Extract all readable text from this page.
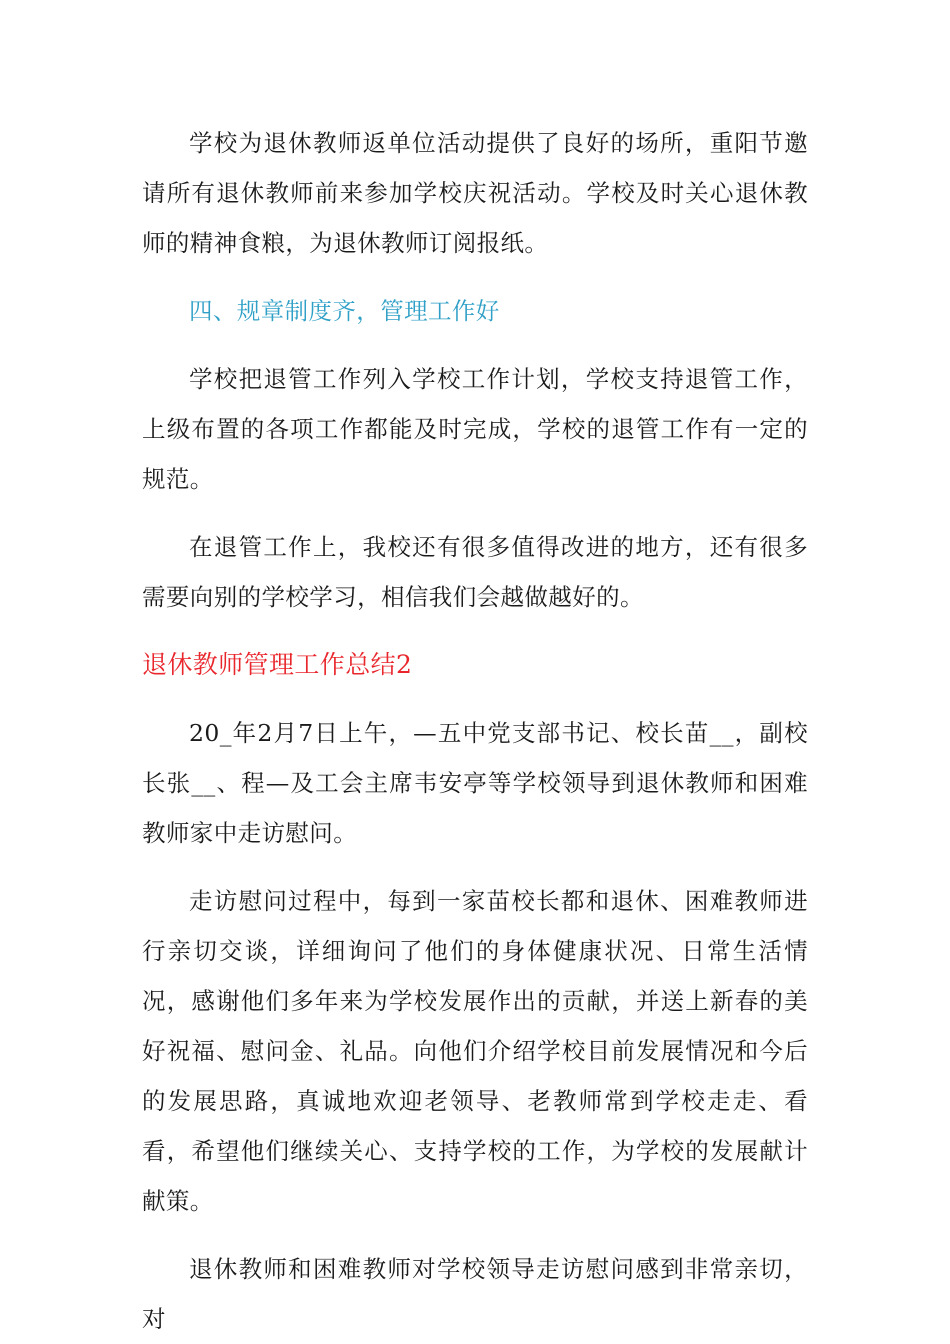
学校为退休教师返单位活动提供了良好的场所，重阳节邀请所有退休教师前来参加学校庆祝活动。学校及时关心退休教师的精神食粮，为退休教师订阅报纸。

四、规章制度齐，管理工作好

学校把退管工作列入学校工作计划，学校支持退管工作，上级布置的各项工作都能及时完成，学校的退管工作有一定的规范。

在退管工作上，我校还有很多值得改进的地方，还有很多需要向别的学校学习，相信我们会越做越好的。

退休教师管理工作总结2

20_年2月7日上午，—五中党支部书记、校长苗__，副校长张__、程—及工会主席韦安亭等学校领导到退休教师和困难教师家中走访慰问。

走访慰问过程中，每到一家苗校长都和退休、困难教师进行亲切交谈，详细询问了他们的身体健康状况、日常生活情况，感谢他们多年来为学校发展作出的贡献，并送上新春的美好祝福、慰问金、礼品。向他们介绍学校目前发展情况和今后的发展思路，真诚地欢迎老领导、老教师常到学校走走、看看，希望他们继续关心、支持学校的工作，为学校的发展献计献策。

退休教师和困难教师对学校领导走访慰问感到非常亲切，对
